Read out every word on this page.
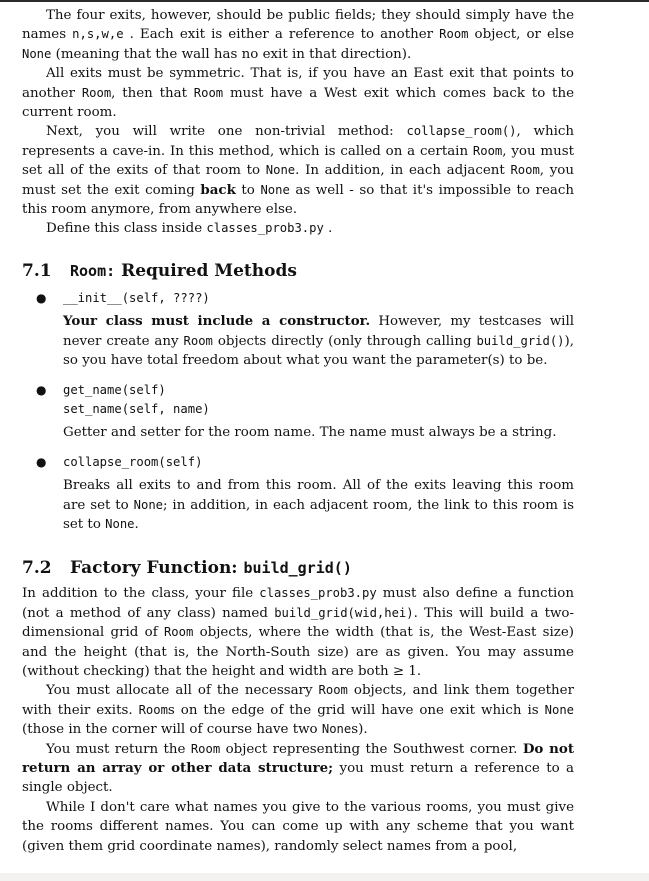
The four exits, however, should be public fields; they should simply have the names n,s,w,e . Each exit is either a reference to another Room object, or else None (meaning that the wall has no exit in that direction).

All exits must be symmetric. That is, if you have an East exit that points to another Room, then that Room must have a West exit which comes back to the current room.

Next, you will write one non-trivial method: collapse_room(), which represents a cave-in. In this method, which is called on a certain Room, you must set all of the exits of that room to None. In addition, in each adjacent Room, you must set the exit coming back to None as well - so that it's impossible to reach this room anymore, from anywhere else.

Define this class inside classes_prob3.py .

7.1 Room: Required Methods
● __init__(self, ????)

Your class must include a constructor. However, my testcases will never create any Room objects directly (only through calling build_grid()), so you have total freedom about what you want the parameter(s) to be.

● get_name(self)
set_name(self, name)

Getter and setter for the room name. The name must always be a string.

● collapse_room(self)

Breaks all exits to and from this room. All of the exits leaving this room are set to None; in addition, in each adjacent room, the link to this room is set to None.

7.2 Factory Function: build_grid()

In addition to the class, your file classes_prob3.py must also define a function (not a method of any class) named build_grid(wid,hei). This will build a two-dimensional grid of Room objects, where the width (that is, the West-East size) and the height (that is, the North-South size) are as given. You may assume (without checking) that the height and width are both ≥ 1.

You must allocate all of the necessary Room objects, and link them together with their exits. Rooms on the edge of the grid will have one exit which is None (those in the corner will of course have two Nones).

You must return the Room object representing the Southwest corner. Do not return an array or other data structure; you must return a reference to a single object.

While I don't care what names you give to the various rooms, you must give the rooms different names. You can come up with any scheme that you want (given them grid coordinate names), randomly select names from a pool,
